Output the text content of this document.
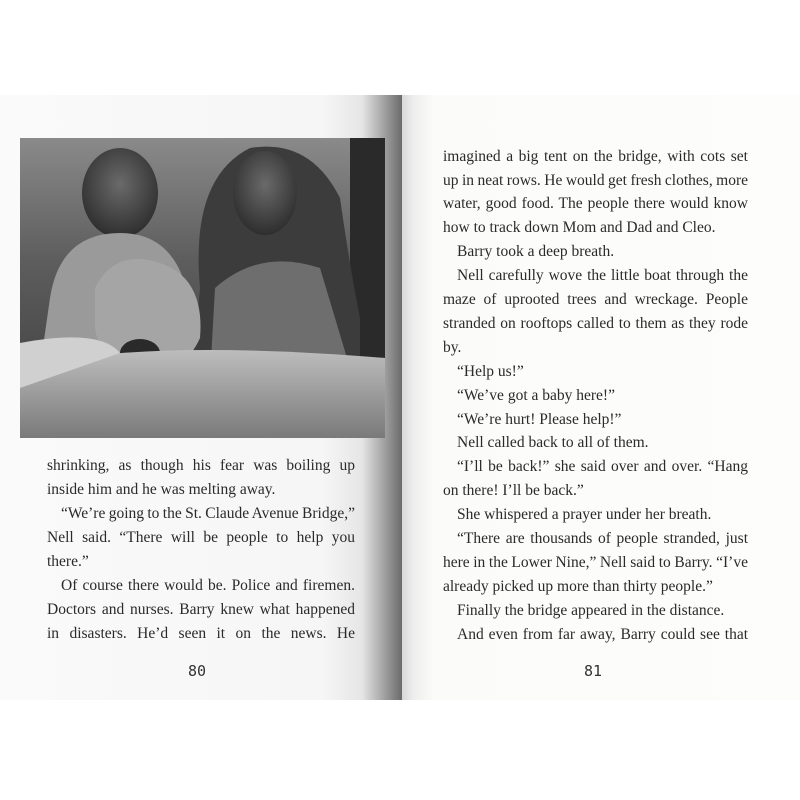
shrinking, as though his fear was boiling up
inside him and he was melting away.
“We’re going to the St. Claude Avenue Bridge,”
Nell said. “There will be people to help you
there.”
Of course there would be. Police and firemen.
Doctors and nurses. Barry knew what happened
in disasters. He’d seen it on the news. He
80
imagined a big tent on the bridge, with cots set
up in neat rows. He would get fresh clothes, more
water, good food. The people there would know
how to track down Mom and Dad and Cleo.
Barry took a deep breath.
Nell carefully wove the little boat through the
maze of uprooted trees and wreckage. People
stranded on rooftops called to them as they rode
by.
“Help us!”
“We’ve got a baby here!”
“We’re hurt! Please help!”
Nell called back to all of them.
“I’ll be back!” she said over and over. “Hang
on there! I’ll be back.”
She whispered a prayer under her breath.
“There are thousands of people stranded, just
here in the Lower Nine,” Nell said to Barry. “I’ve
already picked up more than thirty people.”
Finally the bridge appeared in the distance.
And even from far away, Barry could see that
81
